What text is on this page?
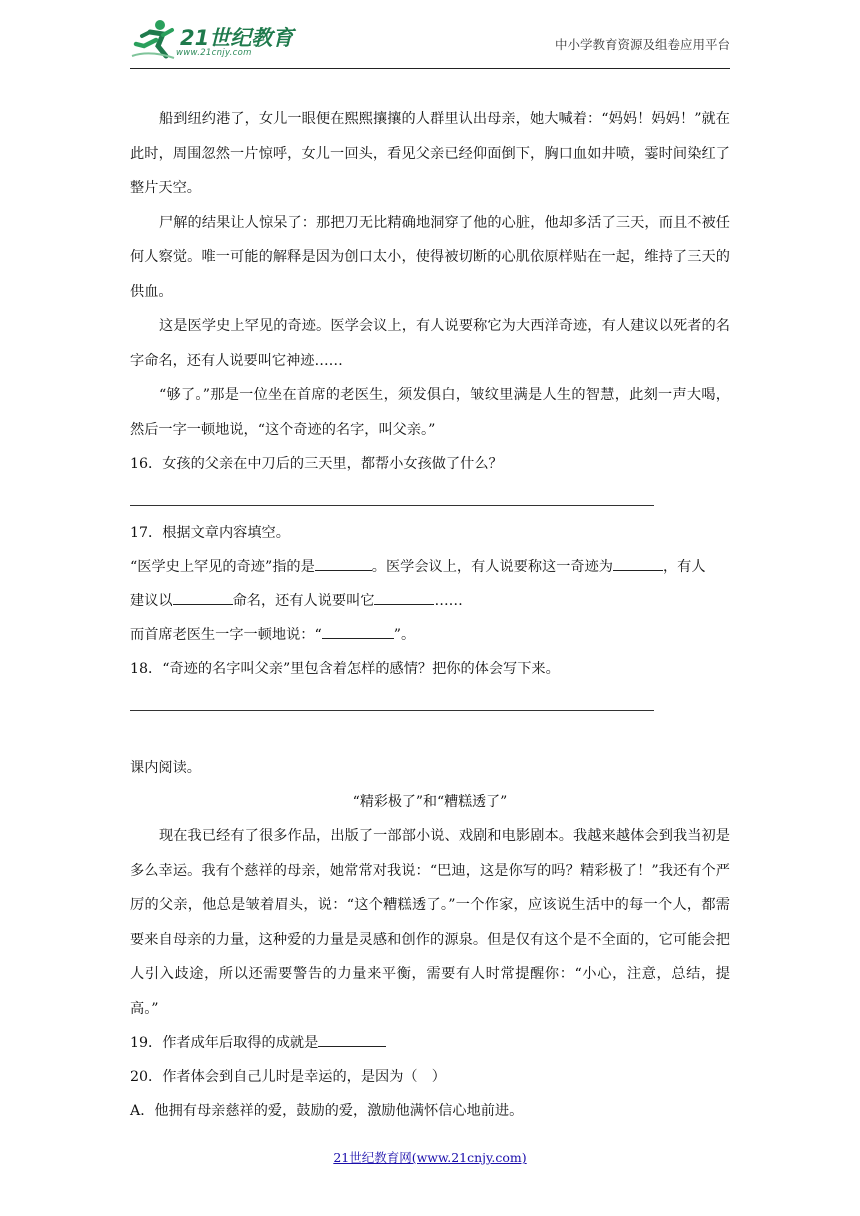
21世纪教育
www.21cnjy.com
中小学教育资源及组卷应用平台

船到纽约港了，女儿一眼便在熙熙攘攘的人群里认出母亲，她大喊着：“妈妈！妈妈！”就在此时，周围忽然一片惊呼，女儿一回头，看见父亲已经仰面倒下，胸口血如井喷，霎时间染红了整片天空。

尸解的结果让人惊呆了：那把刀无比精确地洞穿了他的心脏，他却多活了三天，而且不被任何人察觉。唯一可能的解释是因为创口太小，使得被切断的心肌依原样贴在一起，维持了三天的供血。

这是医学史上罕见的奇迹。医学会议上，有人说要称它为大西洋奇迹，有人建议以死者的名字命名，还有人说要叫它神迹……

“够了。”那是一位坐在首席的老医生，须发俱白，皱纹里满是人生的智慧，此刻一声大喝，然后一字一顿地说，“这个奇迹的名字，叫父亲。”

16．女孩的父亲在中刀后的三天里，都帮小女孩做了什么？

17．根据文章内容填空。

“医学史上罕见的奇迹”指的是	。医学会议上，有人说要称这一奇迹为	，有人

建议以	命名，还有人说要叫它	……

而首席老医生一字一顿地说：“	”。

18．“奇迹的名字叫父亲”里包含着怎样的感情？把你的体会写下来。

课内阅读。

“精彩极了”和“糟糕透了”

现在我已经有了很多作品，出版了一部部小说、戏剧和电影剧本。我越来越体会到我当初是多么幸运。我有个慈祥的母亲，她常常对我说：“巴迪，这是你写的吗？精彩极了！”我还有个严厉的父亲，他总是皱着眉头，说：“这个糟糕透了。”一个作家，应该说生活中的每一个人，都需要来自母亲的力量，这种爱的力量是灵感和创作的源泉。但是仅有这个是不全面的，它可能会把人引入歧途，所以还需要警告的力量来平衡，需要有人时常提醒你：“小心，注意，总结，提高。”

19．作者成年后取得的成就是

20．作者体会到自己儿时是幸运的，是因为（　）

A．他拥有母亲慈祥的爱，鼓励的爱，激励他满怀信心地前进。

21世纪教育网(www.21cnjy.com)
